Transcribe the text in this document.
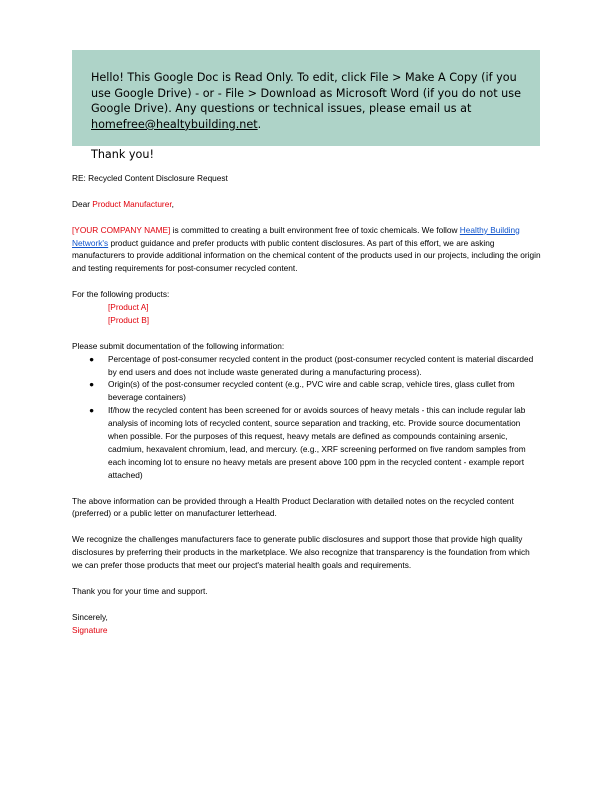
Hello! This Google Doc is Read Only. To edit, click File > Make A Copy (if you use Google Drive) - or - File > Download as Microsoft Word (if you do not use Google Drive). Any questions or technical issues, please email us at homefree@healtybuilding.net.

Thank you!

RE: Recycled Content Disclosure Request

Dear Product Manufacturer,

[YOUR COMPANY NAME] is committed to creating a built environment free of toxic chemicals. We follow Healthy Building Network's product guidance and prefer products with public content disclosures. As part of this effort, we are asking manufacturers to provide additional information on the chemical content of the products used in our projects, including the origin and testing requirements for post-consumer recycled content.

For the following products:
[Product A]
[Product B]
Please submit documentation of the following information:
● Percentage of post-consumer recycled content in the product (post-consumer recycled content is material discarded by end users and does not include waste generated during a manufacturing process).
● Origin(s) of the post-consumer recycled content (e.g., PVC wire and cable scrap, vehicle tires, glass cullet from beverage containers)
● If/how the recycled content has been screened for or avoids sources of heavy metals - this can include regular lab analysis of incoming lots of recycled content, source separation and tracking, etc. Provide source documentation when possible. For the purposes of this request, heavy metals are defined as compounds containing arsenic, cadmium, hexavalent chromium, lead, and mercury. (e.g., XRF screening performed on five random samples from each incoming lot to ensure no heavy metals are present above 100 ppm in the recycled content - example report attached)

The above information can be provided through a Health Product Declaration with detailed notes on the recycled content (preferred) or a public letter on manufacturer letterhead.

We recognize the challenges manufacturers face to generate public disclosures and support those that provide high quality disclosures by preferring their products in the marketplace. We also recognize that transparency is the foundation from which we can prefer those products that meet our project's material health goals and requirements.

Thank you for your time and support.

Sincerely,
Signature
